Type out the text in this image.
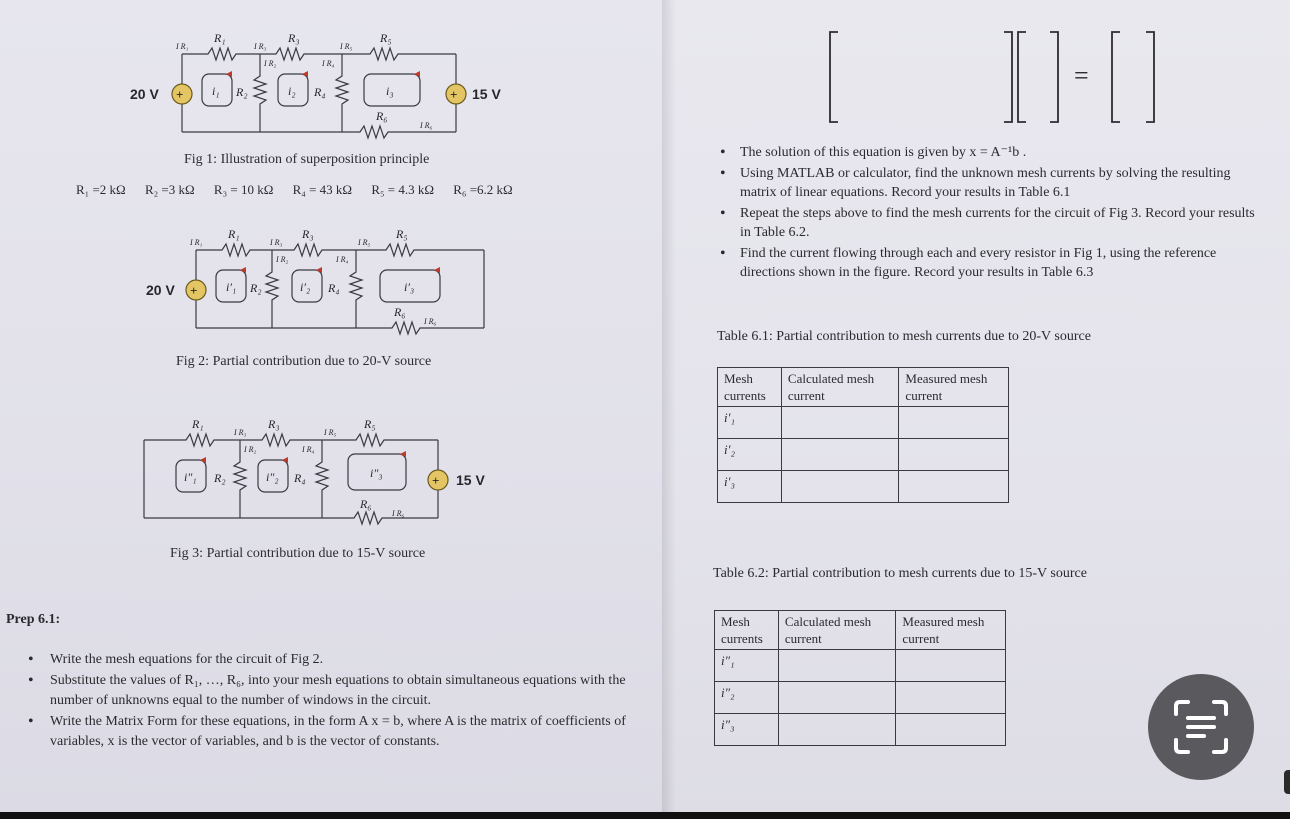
+	+
20 V	15 V
R₁
R₂
R₃
R₄
R₅
R₆
I R₁
I R₂
I R₃
I R₄
I R₅
I R₆
i₁	i₂	i₃
Fig 1: Illustration of superposition principle
R₁ =2 kΩ R₂ =3 kΩ R₃ = 10 kΩ R₄ = 43 kΩ R₅ = 4.3 kΩ R₆ =6.2 kΩ
+
20 V
R₁
R₂
R₃
R₄
R₅
R₆
I R₁
I R₂
I R₃
I R₄
I R₅
I R₆
i′₁	i′₂	i′₃
Fig 2: Partial contribution due to 20-V source
+ 15 V
R₁
R₂
R₃
R₄
R₅
R₆
I R₂
I R₃
I R₄
I R₅
I R₆
i″₁	i″₂	i″₃
Fig 3: Partial contribution due to 15-V source
Prep 6.1:
• Write the mesh equations for the circuit of Fig 2.
• Substitute the values of R₁, …, R₆, into your mesh equations to obtain simultaneous equations with the number of unknowns equal to the number of windows in the circuit.
• Write the Matrix Form for these equations, in the form A x = b, where A is the matrix of coefficients of variables, x is the vector of variables, and b is the vector of constants.
=
• The solution of this equation is given by x = A⁻¹b .
• Using MATLAB or calculator, find the unknown mesh currents by solving the resulting matrix of linear equations. Record your results in Table 6.1
• Repeat the steps above to find the mesh currents for the circuit of Fig 3. Record your results in Table 6.2.
• Find the current flowing through each and every resistor in Fig 1, using the reference directions shown in the figure. Record your results in Table 6.3
Table 6.1: Partial contribution to mesh currents due to 20-V source
Mesh currents	Calculated mesh current	Measured mesh current
i′₁		
i′₂		
i′₃		
Table 6.2: Partial contribution to mesh currents due to 15-V source
Mesh currents	Calculated mesh current	Measured mesh current
i″₁		
i″₂		
i″₃		
